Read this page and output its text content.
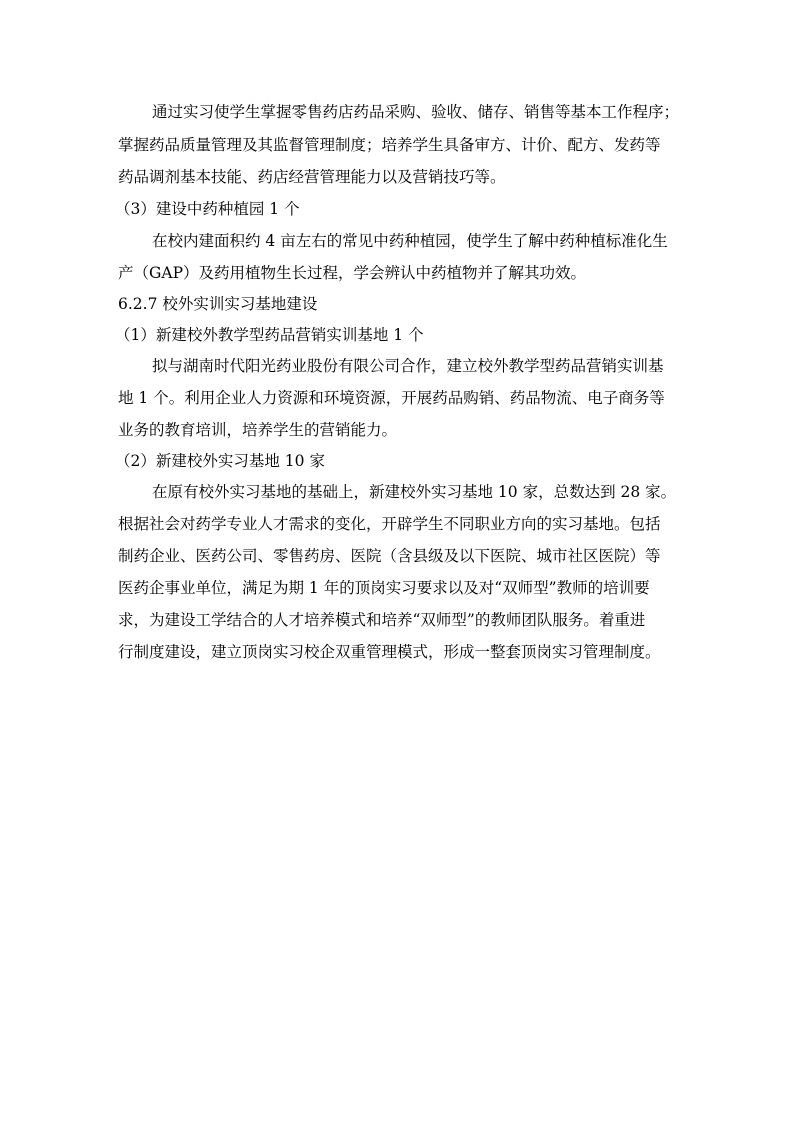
通过实习使学生掌握零售药店药品采购、验收、储存、销售等基本工作程序；
掌握药品质量管理及其监督管理制度；培养学生具备审方、计价、配方、发药等
药品调剂基本技能、药店经营管理能力以及营销技巧等。
（3）建设中药种植园 1 个
在校内建面积约 4 亩左右的常见中药种植园，使学生了解中药种植标准化生
产（GAP）及药用植物生长过程，学会辨认中药植物并了解其功效。
6.2.7 校外实训实习基地建设
（1）新建校外教学型药品营销实训基地 1 个
拟与湖南时代阳光药业股份有限公司合作，建立校外教学型药品营销实训基
地 1 个。利用企业人力资源和环境资源，开展药品购销、药品物流、电子商务等
业务的教育培训，培养学生的营销能力。
（2）新建校外实习基地 10 家
在原有校外实习基地的基础上，新建校外实习基地 10 家，总数达到 28 家。
根据社会对药学专业人才需求的变化，开辟学生不同职业方向的实习基地。包括
制药企业、医药公司、零售药房、医院（含县级及以下医院、城市社区医院）等
医药企事业单位，满足为期 1 年的顶岗实习要求以及对“双师型”教师的培训要
求，为建设工学结合的人才培养模式和培养“双师型”的教师团队服务。着重进
行制度建设，建立顶岗实习校企双重管理模式，形成一整套顶岗实习管理制度。
